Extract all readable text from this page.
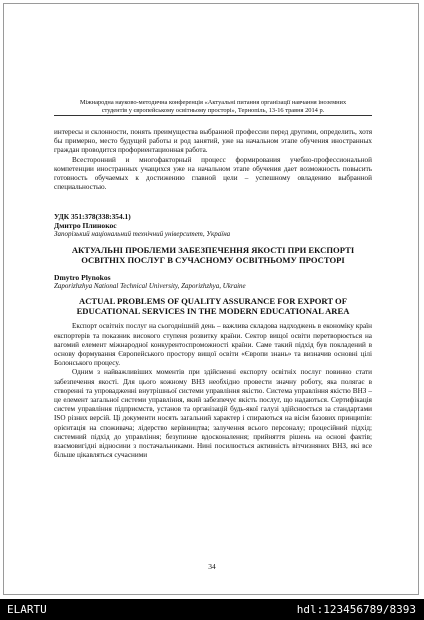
Міжнародна науково-методична конференція «Актуальні питання організації навчання іноземних
студентів у європейському освітньому просторі», Тернопіль, 13-16 травня 2014 р.

интересы и склонности, понять преимущества выбранной профессии перед другими, определить, хотя бы примерно, место будущей работы и род занятий, уже на начальном этапе обучения иностранных граждан проводится профориентационная работа.

Всесторонний и многофакторный процесс формирования учебно-профессиональной компетенции иностранных учащихся уже на начальном этапе обучения дает возможность повысить готовность обучаемых к достижению главной цели – успешному овладению выбранной специальностью.

УДК 351:378(338:354.1)

Дмитро Плинокос

Запорізький національний технічний університет, Україна

АКТУАЛЬНІ ПРОБЛЕМИ ЗАБЕЗПЕЧЕННЯ ЯКОСТІ ПРИ ЕКСПОРТІ ОСВІТНІХ ПОСЛУГ В СУЧАСНОМУ ОСВІТНЬОМУ ПРОСТОРІ

Dmytro Plynokos

Zaporizhzhya National Technical University, Zaporizhzhya, Ukraine

ACTUAL PROBLEMS OF QUALITY ASSURANCE FOR EXPORT OF EDUCATIONAL SERVICES IN THE MODERN EDUCATIONAL AREA

Експорт освітніх послуг на сьогоднішній день – важлива складова надходжень в економіку країн експортерів та показник високого ступеня розвитку країни. Сектор вищої освіти перетворюється на вагомий елемент міжнародної конкурентоспроможності країни. Саме такий підхід був покладений в основу формування Європейського простору вищої освіти «Європи знань» та визначив основні цілі Болонського процесу.

Одним з найважливіших моментів при здійсненні експорту освітніх послуг повинно стати забезпечення якості. Для цього кожному ВНЗ необхідно провести значну роботу, яка полягає в створенні та упровадженні внутрішньої системи управління якістю. Система управління якістю ВНЗ – це елемент загальної системи управління, який забезпечує якість послуг, що надаються. Сертифікація систем управління підприємств, установ та організацій будь-якої галузі здійснюється за стандартами ISO різних версій. Ці документи носять загальний характер і спираються на вісім базових принципів: орієнтація на споживача; лідерство керівництва; залучення всього персоналу; процесійний підхід; системний підхід до управління; безупинне вдосконалення; прийняття рішень на основі фактів; взаємовигідні відносини з постачальниками. Нині посилюється активність вітчизняних ВНЗ, які все більше цікавляться сучасними

34
ELARTU	hdl:123456789/8393
